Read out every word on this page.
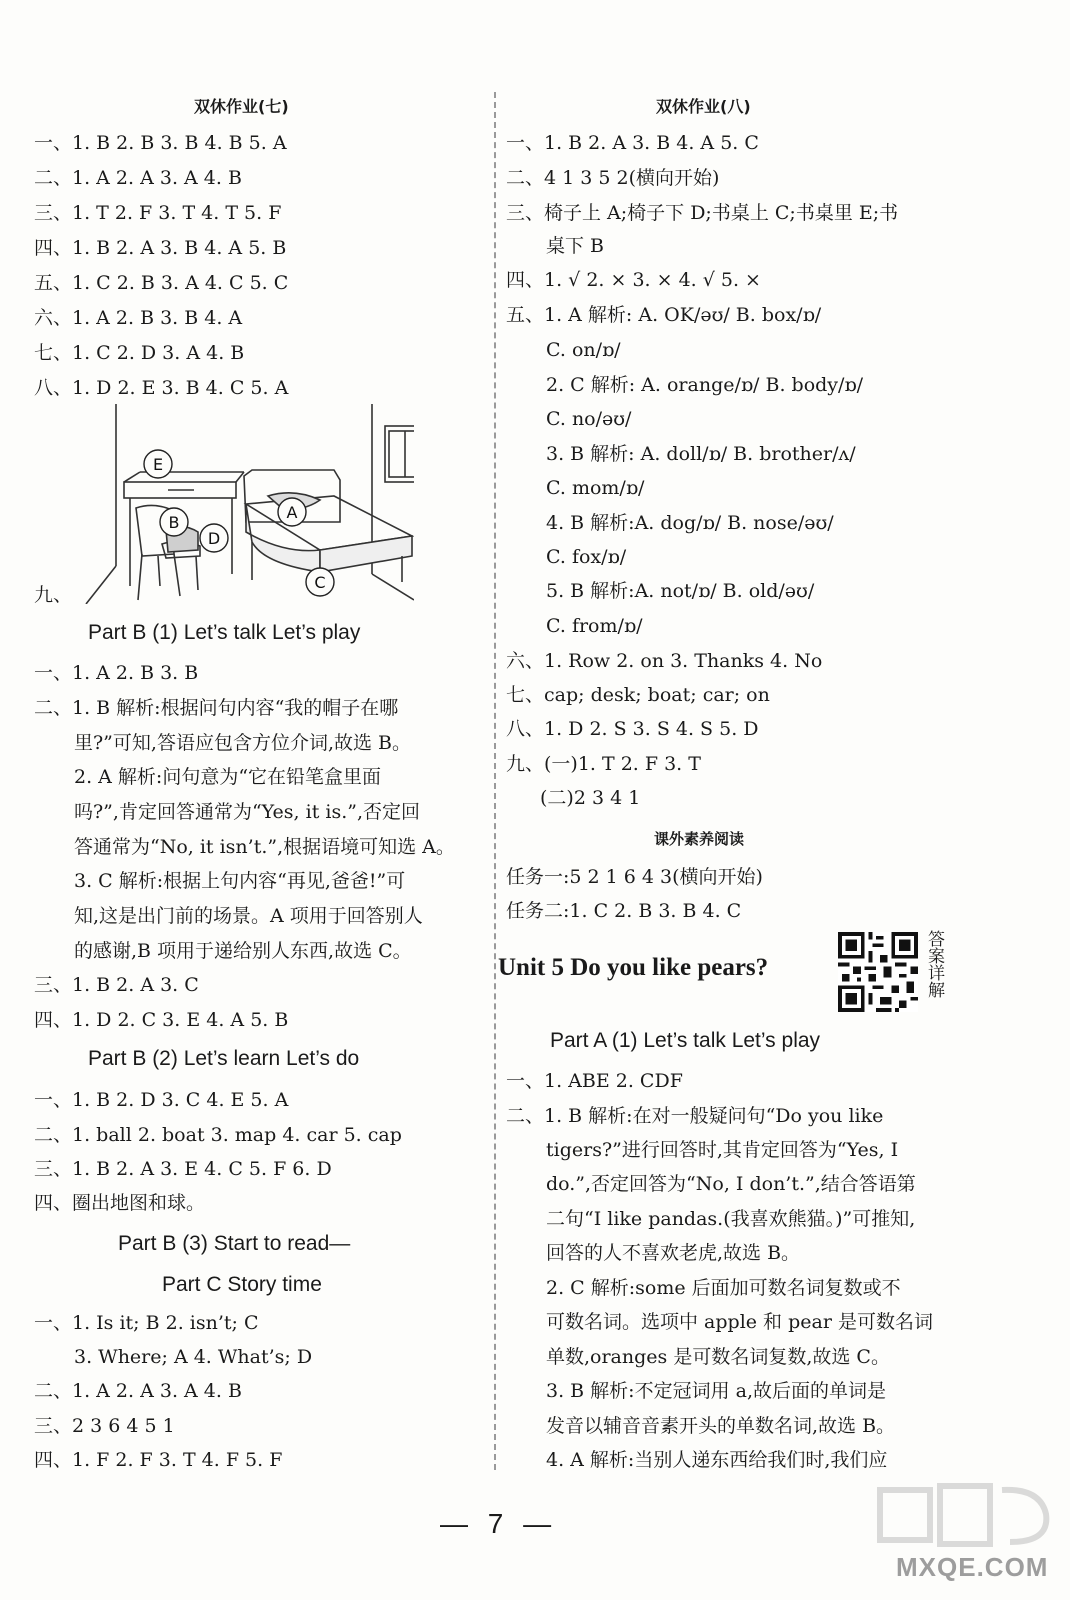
双休作业(七)
一、1. B 2. B 3. B 4. B 5. A
二、1. A 2. A 3. A 4. B
三、1. T 2. F 3. T 4. T 5. F
四、1. B 2. A 3. B 4. A 5. B
五、1. C 2. B 3. A 4. C 5. C
六、1. A 2. B 3. B 4. A
七、1. C 2. D 3. A 4. B
八、1. D 2. E 3. B 4. C 5. A
九、
Part B (1) Let’s talk Let’s play
一、1. A 2. B 3. B
二、1. B 解析:根据问句内容“我的帽子在哪
里?”可知,答语应包含方位介词,故选 B。
2. A 解析:问句意为“它在铅笔盒里面
吗?”,肯定回答通常为“Yes, it is.”,否定回
答通常为“No, it isn’t.”,根据语境可知选 A。
3. C 解析:根据上句内容“再见,爸爸!”可
知,这是出门前的场景。A 项用于回答别人
的感谢,B 项用于递给别人东西,故选 C。
三、1. B 2. A 3. C
四、1. D 2. C 3. E 4. A 5. B
Part B (2) Let’s learn Let’s do
一、1. B 2. D 3. C 4. E 5. A
二、1. ball 2. boat 3. map 4. car 5. cap
三、1. B 2. A 3. E 4. C 5. F 6. D
四、圈出地图和球。
Part B (3) Start to read—
Part C Story time
一、1. Is it; B 2. isn’t; C
3. Where; A 4. What’s; D
二、1. A 2. A 3. A 4. B
三、2 3 6 4 5 1
四、1. F 2. F 3. T 4. F 5. F
E
A
B
D
C
双休作业(八)
一、1. B 2. A 3. B 4. A 5. C
二、4 1 3 5 2(横向开始)
三、椅子上 A;椅子下 D;书桌上 C;书桌里 E;书
桌下 B
四、1. √ 2. × 3. × 4. √ 5. ×
五、1. A 解析: A. OK/əʊ/ B. box/ɒ/
C. on/ɒ/
2. C 解析: A. orange/ɒ/ B. body/ɒ/
C. no/əʊ/
3. B 解析: A. doll/ɒ/ B. brother/ʌ/
C. mom/ɒ/
4. B 解析:A. dog/ɒ/ B. nose/əʊ/
C. fox/ɒ/
5. B 解析:A. not/ɒ/ B. old/əʊ/
C. from/ɒ/
六、1. Row 2. on 3. Thanks 4. No
七、cap; desk; boat; car; on
八、1. D 2. S 3. S 4. S 5. D
九、(一)1. T 2. F 3. T
(二)2 3 4 1
课外素养阅读
任务一:5 2 1 6 4 3(横向开始)
任务二:1. C 2. B 3. B 4. C
Unit 5 Do you like pears?
Part A (1) Let’s talk Let’s play
一、1. ABE 2. CDF
二、1. B 解析:在对一般疑问句“Do you like
tigers?”进行回答时,其肯定回答为“Yes, I
do.”,否定回答为“No, I don’t.”,结合答语第
二句“I like pandas.(我喜欢熊猫。)”可推知,
回答的人不喜欢老虎,故选 B。
2. C 解析:some 后面加可数名词复数或不
可数名词。选项中 apple 和 pear 是可数名词
单数,oranges 是可数名词复数,故选 C。
3. B 解析:不定冠词用 a,故后面的单词是
发音以辅音音素开头的单数名词,故选 B。
4. A 解析:当别人递东西给我们时,我们应
答案详解
— 7 —
MXQE.COM
